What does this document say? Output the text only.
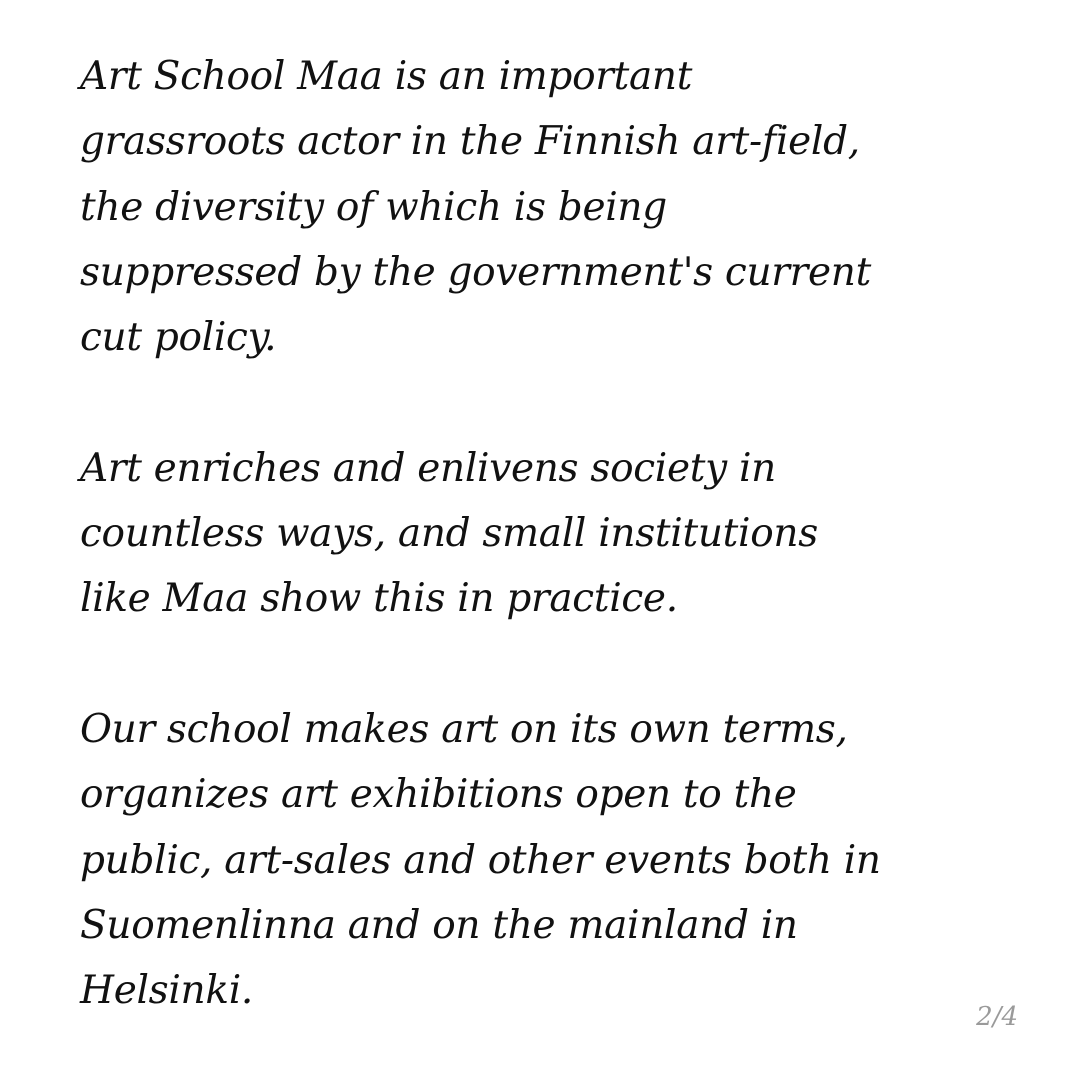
Art School Maa is an important
grassroots actor in the Finnish art-field,
the diversity of which is being
suppressed by the government's current
cut policy.

Art enriches and enlivens society in
countless ways, and small institutions
like Maa show this in practice.

Our school makes art on its own terms,
organizes art exhibitions open to the
public, art-sales and other events both in
Suomenlinna and on the mainland in
Helsinki.

2/4
